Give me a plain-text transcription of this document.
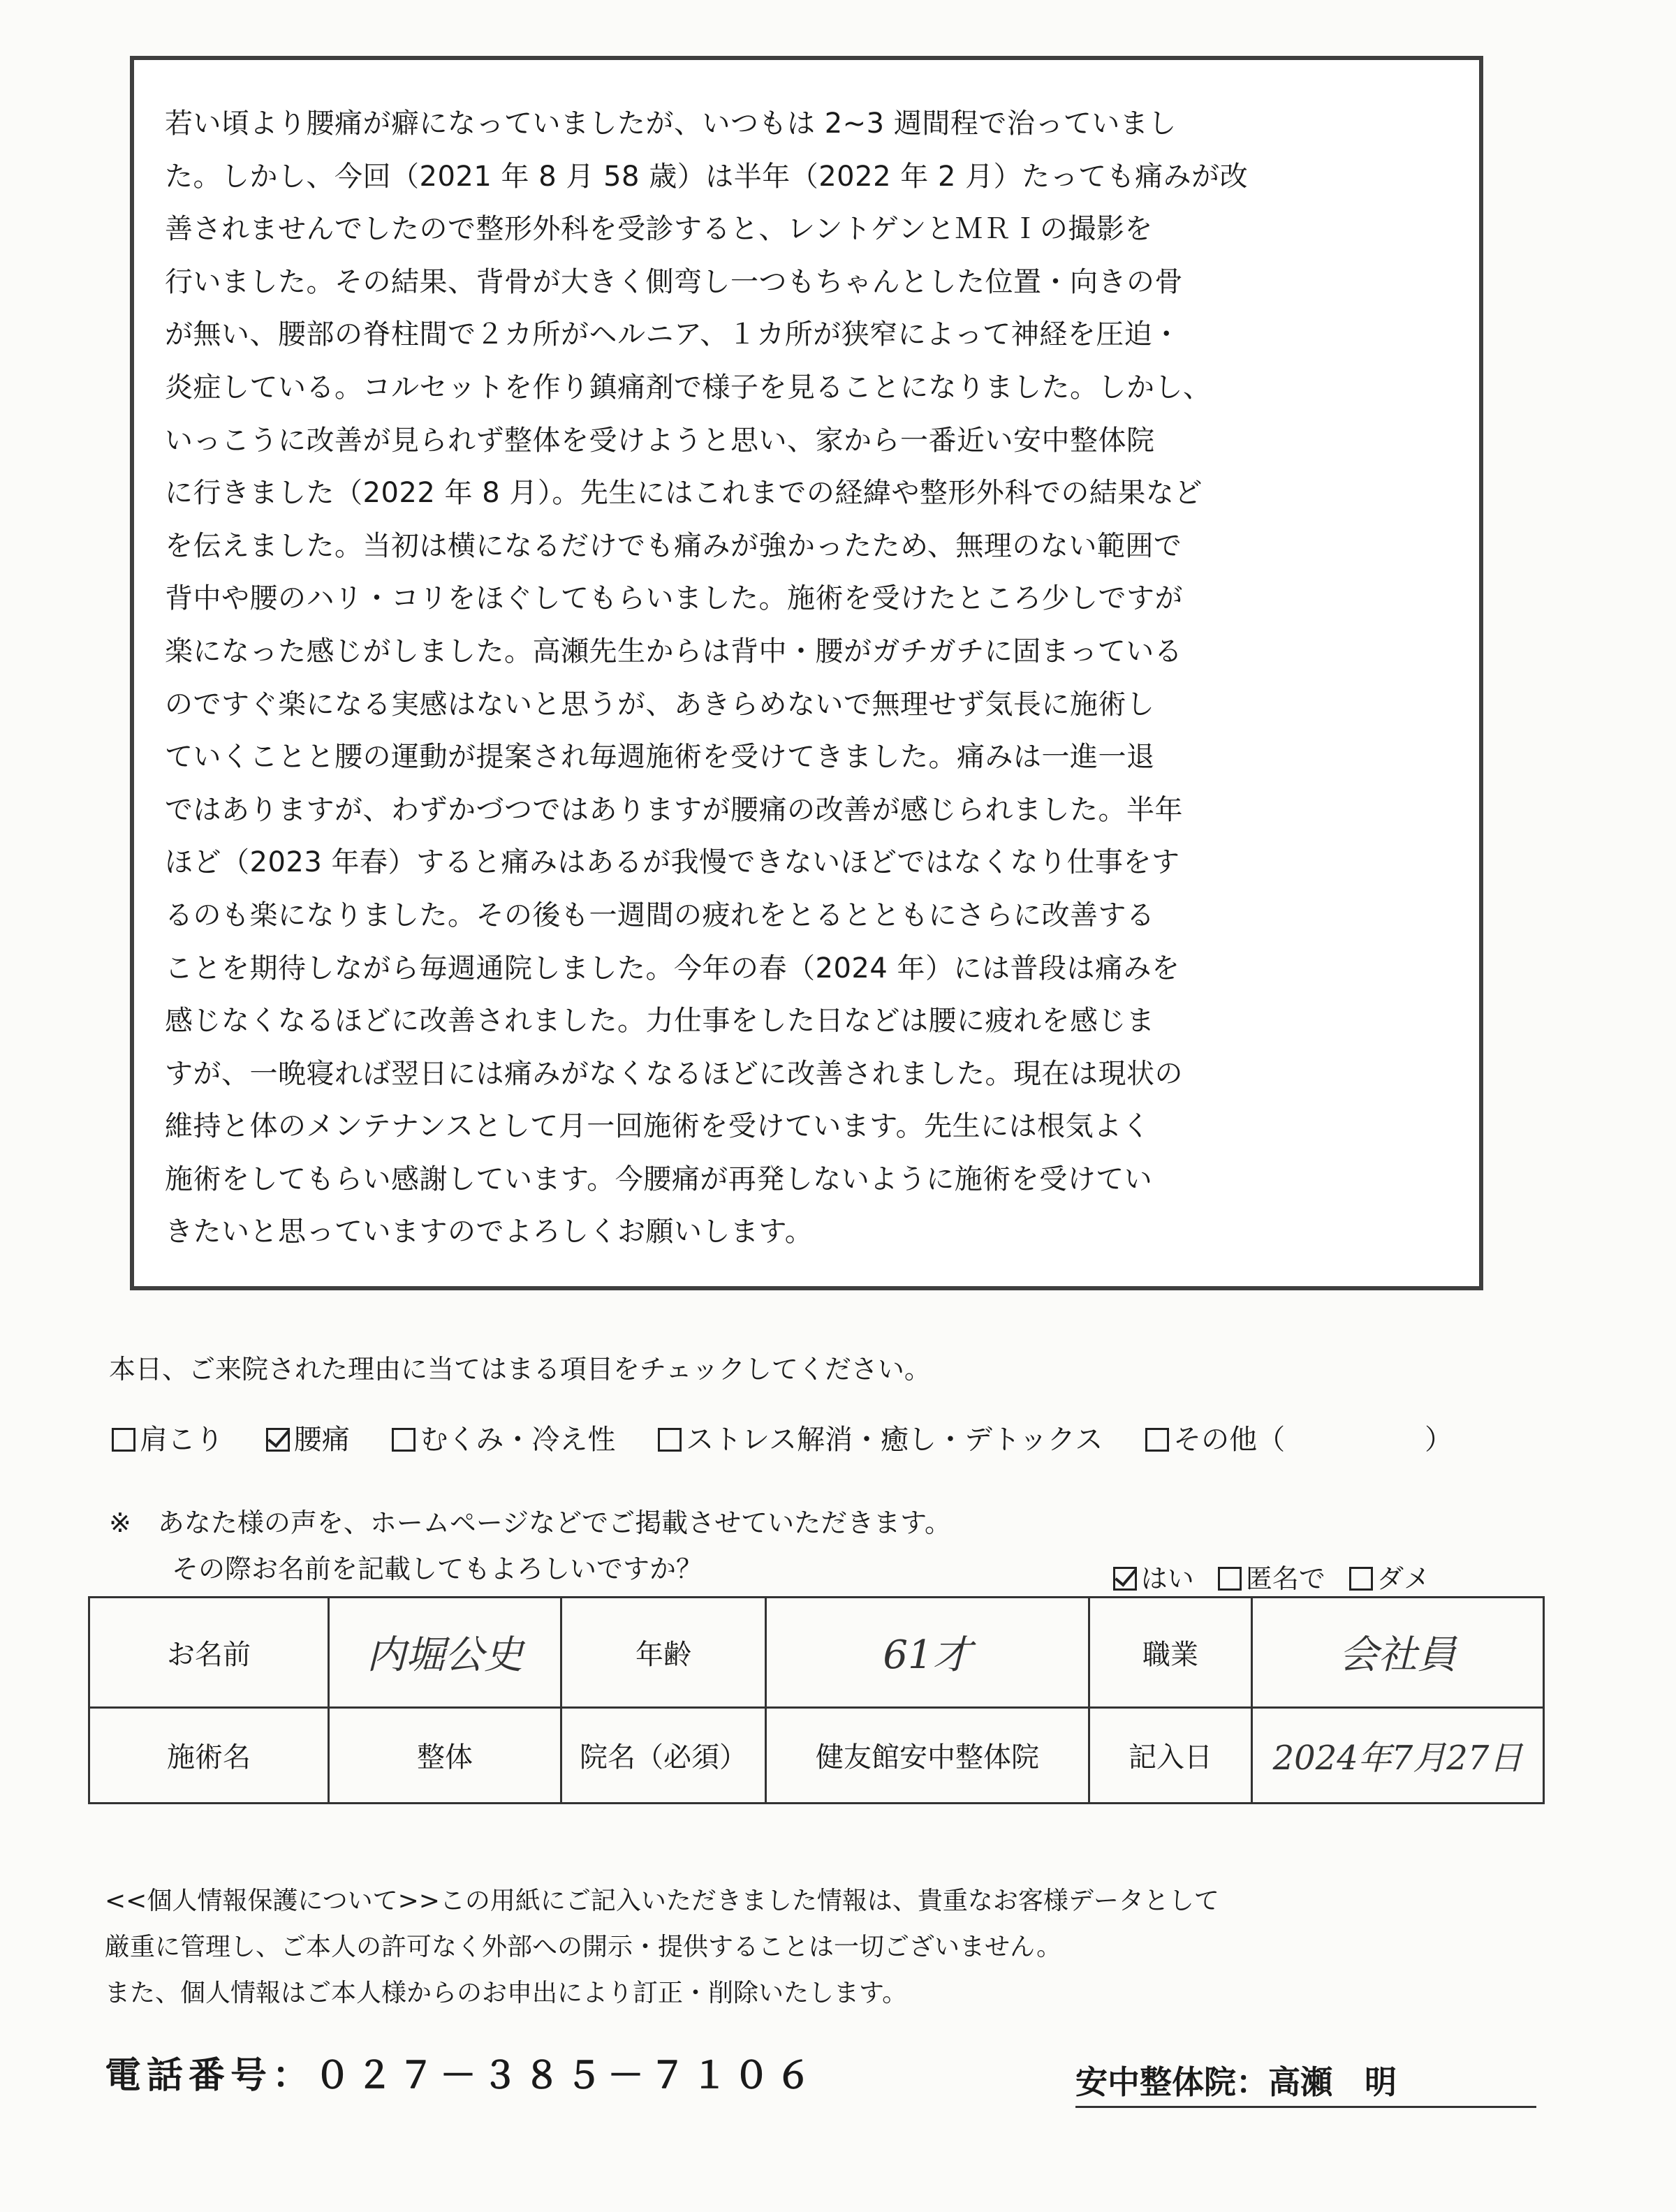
若い頃より腰痛が癖になっていましたが、いつもは 2~3 週間程で治っていまし
た。しかし、今回（2021 年 8 月 58 歳）は半年（2022 年 2 月）たっても痛みが改
善されませんでしたので整形外科を受診すると、レントゲンとＭＲＩの撮影を
行いました。その結果、背骨が大きく側弯し一つもちゃんとした位置・向きの骨
が無い、腰部の脊柱間で２カ所がヘルニア、１カ所が狭窄によって神経を圧迫・
炎症している。コルセットを作り鎮痛剤で様子を見ることになりました。しかし、
いっこうに改善が見られず整体を受けようと思い、家から一番近い安中整体院
に行きました（2022 年 8 月）。先生にはこれまでの経緯や整形外科での結果など
を伝えました。当初は横になるだけでも痛みが強かったため、無理のない範囲で
背中や腰のハリ・コリをほぐしてもらいました。施術を受けたところ少しですが
楽になった感じがしました。高瀬先生からは背中・腰がガチガチに固まっている
のですぐ楽になる実感はないと思うが、あきらめないで無理せず気長に施術し
ていくことと腰の運動が提案され毎週施術を受けてきました。痛みは一進一退
ではありますが、わずかづつではありますが腰痛の改善が感じられました。半年
ほど（2023 年春）すると痛みはあるが我慢できないほどではなくなり仕事をす
るのも楽になりました。その後も一週間の疲れをとるとともにさらに改善する
ことを期待しながら毎週通院しました。今年の春（2024 年）には普段は痛みを
感じなくなるほどに改善されました。力仕事をした日などは腰に疲れを感じま
すが、一晩寝れば翌日には痛みがなくなるほどに改善されました。現在は現状の
維持と体のメンテナンスとして月一回施術を受けています。先生には根気よく
施術をしてもらい感謝しています。今腰痛が再発しないように施術を受けてい
きたいと思っていますのでよろしくお願いします。
本日、ご来院された理由に当てはまる項目をチェックしてください。
肩こり	腰痛	むくみ・冷え性	ストレス解消・癒し・デトックス	その他（　　　　　）
※　あなた様の声を、ホームページなどでご掲載させていただきます。
その際お名前を記載してもよろしいですか？	はい 匿名で ダメ
お名前	内堀公史	年齢	61才	職業	会社員
施術名	整体	院名（必須）	健友館安中整体院	記入日	2024年7月27日
<<個人情報保護について>>この用紙にご記入いただきました情報は、貴重なお客様データとして
厳重に管理し、ご本人の許可なく外部への開示・提供することは一切ございません。
また、個人情報はご本人様からのお申出により訂正・削除いたします。
電話番号：０２７－３８５－７１０６	安中整体院：高瀬　明
